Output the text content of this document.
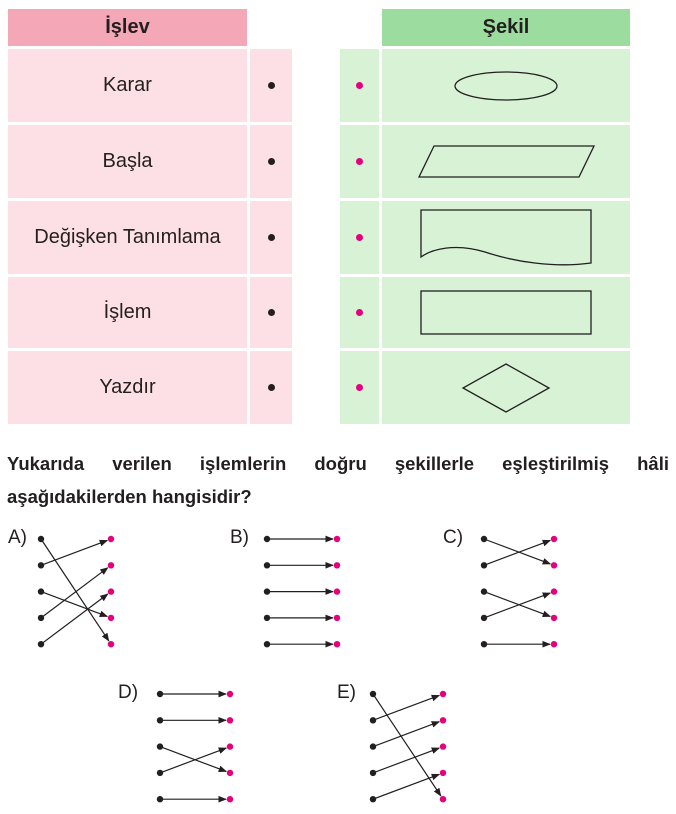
İşlev	Şekil
Karar
Başla
Değişken Tanımlama
İşlem
Yazdır
Yukarıda verilen işlemlerin doğru şekillerle eşleştirilmiş hâli
aşağıdakilerden hangisidir?
A)	B)	C)
D)	E)
